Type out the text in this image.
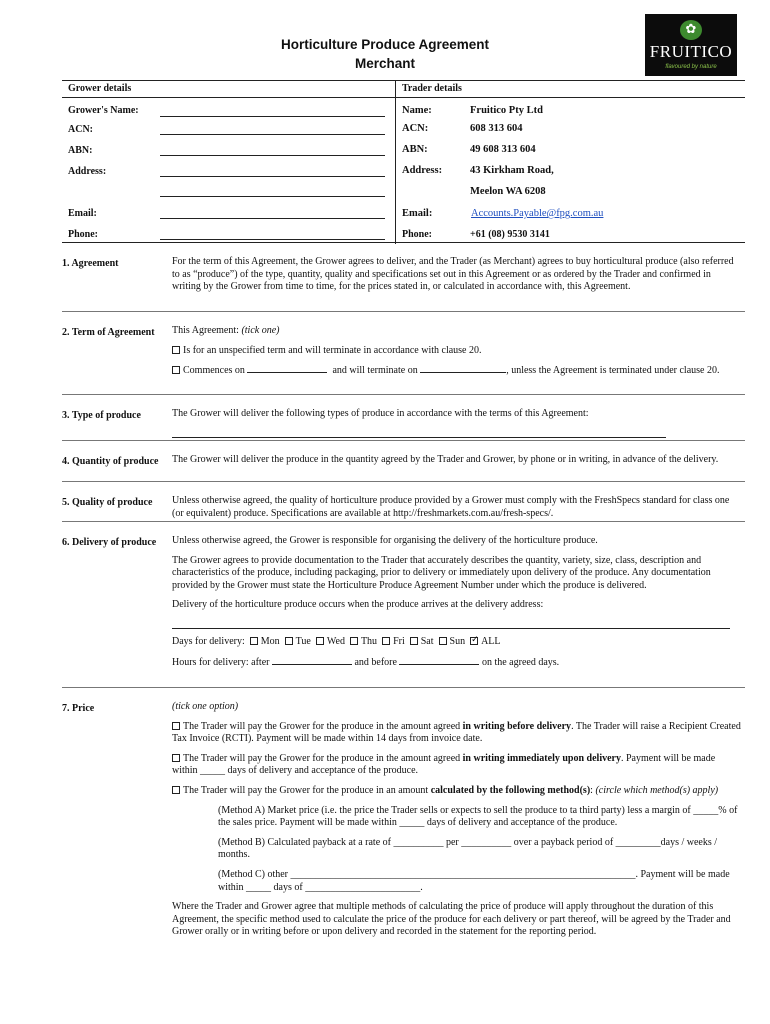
Horticulture Produce Agreement
Merchant
✿
FRUITICO
flavoured by nature
Grower details	Trader details
Grower's Name:
ACN:
ABN:
Address:
Email:
Phone:
Name:	Fruitico Pty Ltd
ACN:	608 313 604
ABN:	49 608 313 604
Address:	43 Kirkham Road,
Meelon WA 6208
Email:	Accounts.Payable@fpg.com.au
Phone:	+61 (08) 9530 3141
1. Agreement	For the term of this Agreement, the Grower agrees to deliver, and the Trader (as Merchant) agrees to buy horticultural produce (also referred to as “produce”) of the type, quantity, quality and specifications set out in this Agreement or as ordered by the Trader and confirmed in writing by the Grower from time to time, for the prices stated in, or calculated in accordance with, this Agreement.

2. Term of Agreement	This Agreement: (tick one)

Is for an unspecified term and will terminate in accordance with clause 20.

Commences on	and will terminate on	, unless the Agreement is terminated under clause 20.

3. Type of produce	The Grower will deliver the following types of produce in accordance with the terms of this Agreement:

4. Quantity of produce	The Grower will deliver the produce in the quantity agreed by the Trader and Grower, by phone or in writing, in advance of the delivery.

5. Quality of produce	Unless otherwise agreed, the quality of horticulture produce provided by a Grower must comply with the FreshSpecs standard for class one (or equivalent) produce. Specifications are available at http://freshmarkets.com.au/fresh-specs/.

6. Delivery of produce	Unless otherwise agreed, the Grower is responsible for organising the delivery of the horticulture produce.

The Grower agrees to provide documentation to the Trader that accurately describes the quantity, variety, size, class, description and characteristics of the produce, including packaging, prior to delivery or immediately upon delivery of the produce. Any documentation provided by the Grower must state the Horticulture Produce Agreement Number under which the produce is delivered.

Delivery of the horticulture produce occurs when the produce arrives at the delivery address:

Days for delivery: Mon Tue Wed Thu Fri Sat Sun  ✓ ALL

Hours for delivery: after	and before	on the agreed days.

7. Price	(tick one option)

The Trader will pay the Grower for the produce in the amount agreed in writing before delivery. The Trader will raise a Recipient Created Tax Invoice (RCTI). Payment will be made within 14 days from invoice date.

The Trader will pay the Grower for the produce in the amount agreed in writing immediately upon delivery. Payment will be made within _____ days of delivery and acceptance of the produce.

The Trader will pay the Grower for the produce in an amount calculated by the following method(s): (circle which method(s) apply)

(Method A) Market price (i.e. the price the Trader sells or expects to sell the produce to ta third party) less a margin of _____% of the sales price. Payment will be made within _____ days of delivery and acceptance of the produce.

(Method B) Calculated payback at a rate of __________ per __________ over a payback period of _________days / weeks / months.

(Method C) other _____________________________________________________________________. Payment will be made within _____ days of _______________________.

Where the Trader and Grower agree that multiple methods of calculating the price of produce will apply throughout the duration of this Agreement, the specific method used to calculate the price of the produce for each delivery or part thereof, will be agreed by the Trader and Grower orally or in writing before or upon delivery and recorded in the statement for the reporting period.
